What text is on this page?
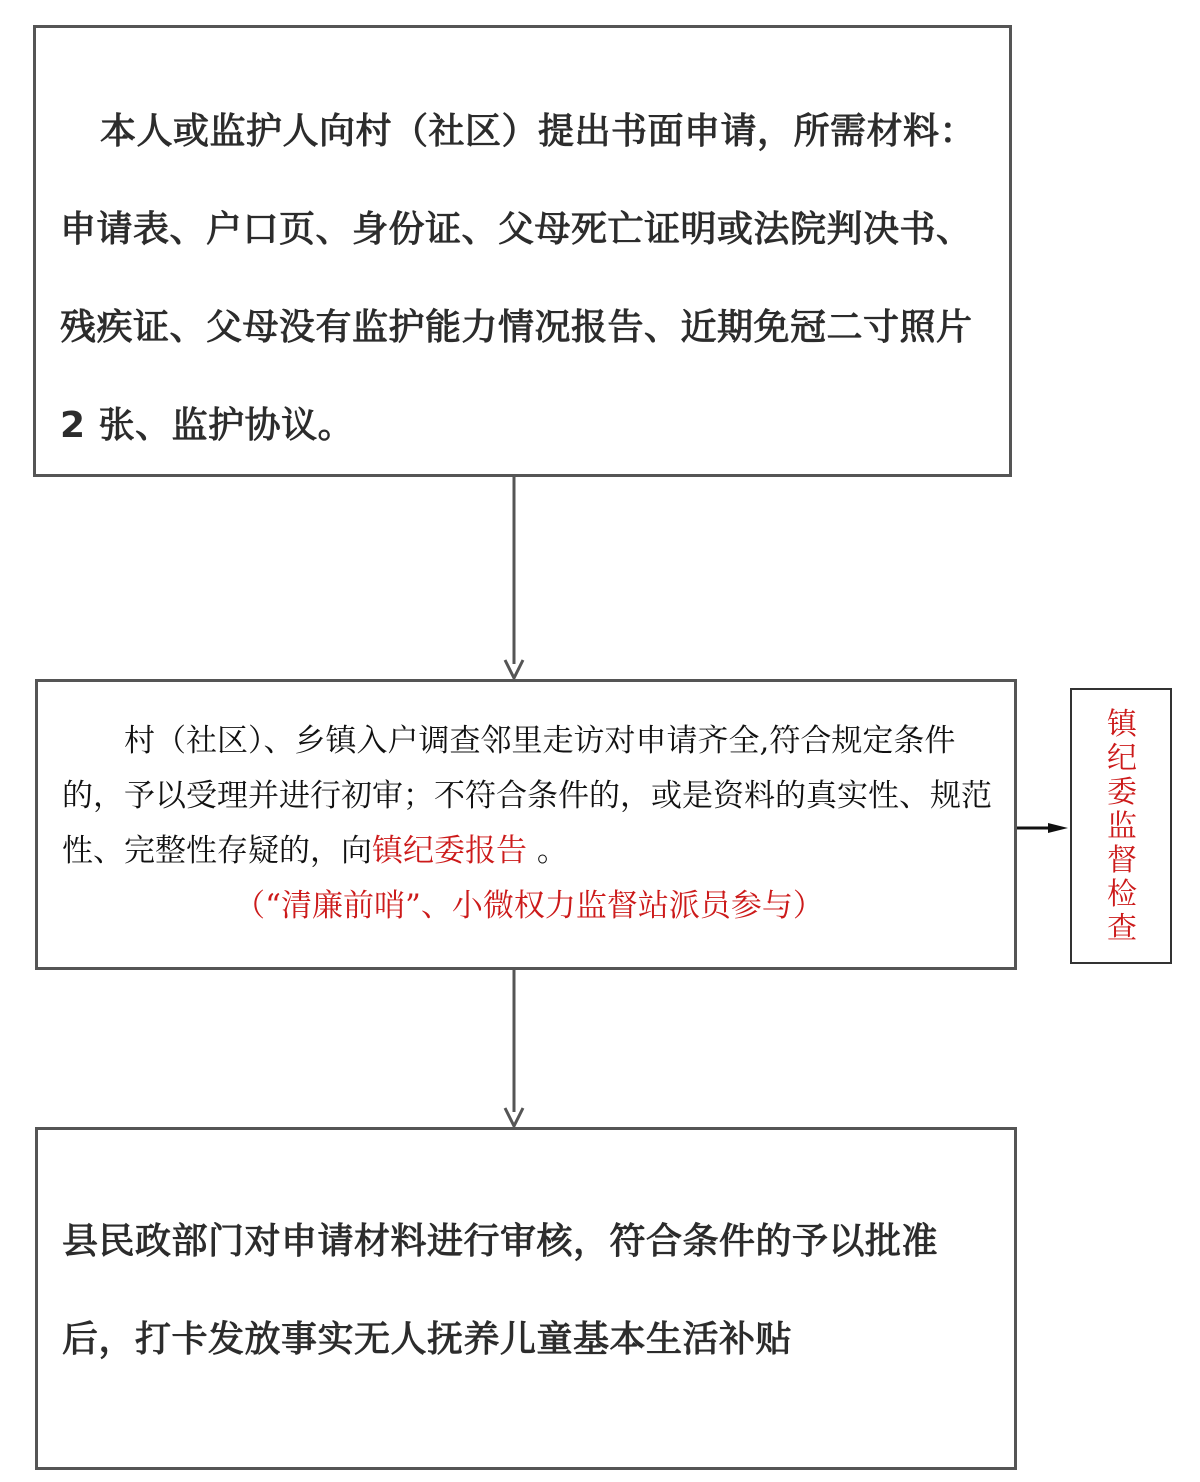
本人或监护人向村（社区）提出书面申请，所需材料：申请表、户口页、身份证、父母死亡证明或法院判决书、残疾证、父母没有监护能力情况报告、近期免冠二寸照片 2 张、监护协议。

村（社区）、乡镇入户调查邻里走访对申请齐全,符合规定条件的，予以受理并进行初审；不符合条件的，或是资料的真实性、规范性、完整性存疑的，向镇纪委报告 。

（“清廉前哨”、小微权力监督站派员参与）

县民政部门对申请材料进行审核，符合条件的予以批准后，打卡发放事实无人抚养儿童基本生活补贴

镇纪委监督检查
